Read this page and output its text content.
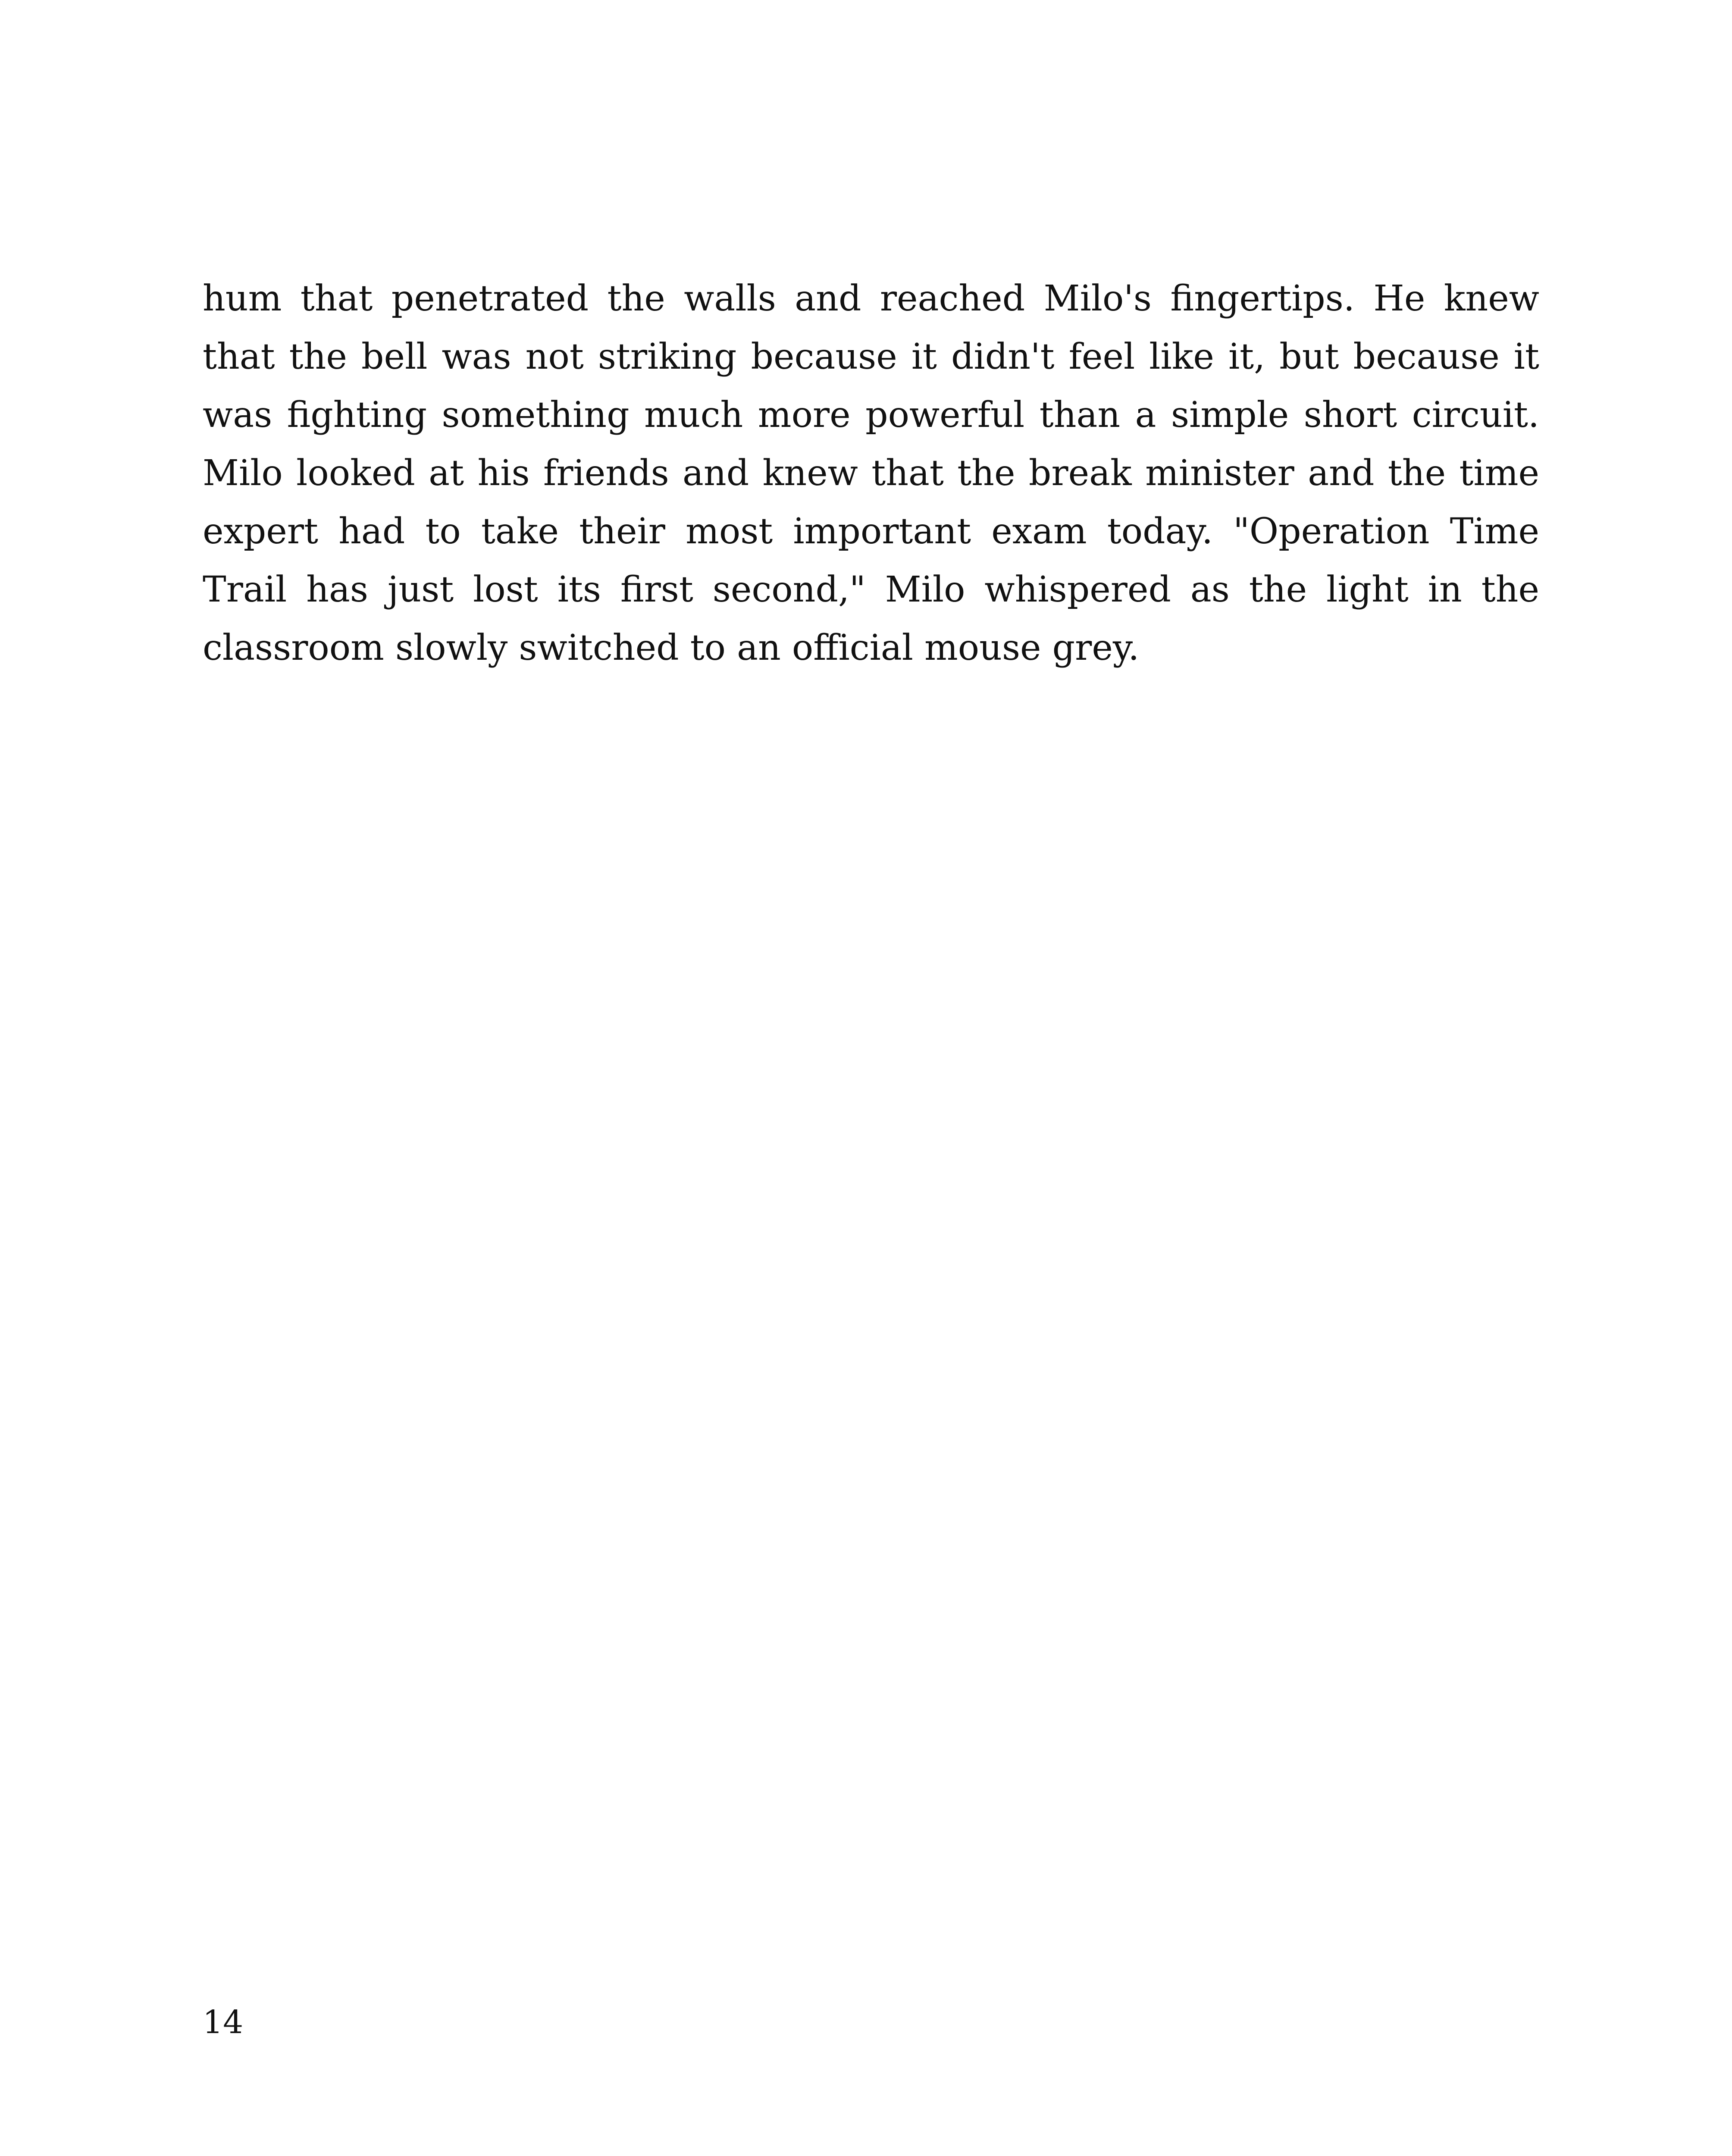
hum that penetrated the walls and reached Milo's fingertips. He knew that the bell was not striking because it didn't feel like it, but because it was fighting something much more powerful than a simple short circuit. Milo looked at his friends and knew that the break minister and the time expert had to take their most important exam today. "Operation Time Trail has just lost its first second," Milo whispered as the light in the classroom slowly switched to an official mouse grey.

14
